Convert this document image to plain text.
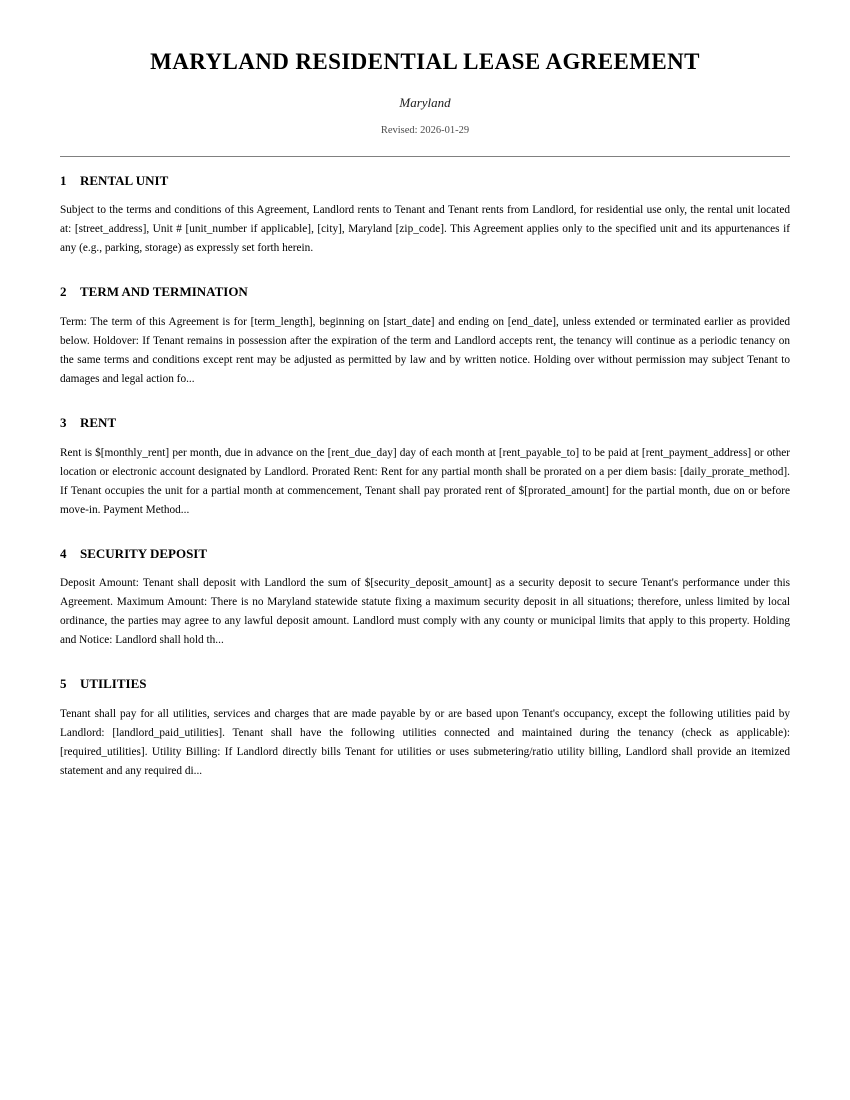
MARYLAND RESIDENTIAL LEASE AGREEMENT

Maryland

Revised: 2026-01-29

1	RENTAL UNIT

Subject to the terms and conditions of this Agreement, Landlord rents to Tenant and Tenant rents from Landlord, for residential use only, the rental unit located at: [street_address], Unit # [unit_number if applicable], [city], Maryland [zip_code]. This Agreement applies only to the specified unit and its appurtenances if any (e.g., parking, storage) as expressly set forth herein.

2	TERM AND TERMINATION

Term: The term of this Agreement is for [term_length], beginning on [start_date] and ending on [end_date], unless extended or terminated earlier as provided below. Holdover: If Tenant remains in possession after the expiration of the term and Landlord accepts rent, the tenancy will continue as a periodic tenancy on the same terms and conditions except rent may be adjusted as permitted by law and by written notice. Holding over without permission may subject Tenant to damages and legal action fo...

3	RENT

Rent is $[monthly_rent] per month, due in advance on the [rent_due_day] day of each month at [rent_payable_to] to be paid at [rent_payment_address] or other location or electronic account designated by Landlord. Prorated Rent: Rent for any partial month shall be prorated on a per diem basis: [daily_prorate_method]. If Tenant occupies the unit for a partial month at commencement, Tenant shall pay prorated rent of $[prorated_amount] for the partial month, due on or before move-in. Payment Method...

4	SECURITY DEPOSIT

Deposit Amount: Tenant shall deposit with Landlord the sum of $[security_deposit_amount] as a security deposit to secure Tenant's performance under this Agreement. Maximum Amount: There is no Maryland statewide statute fixing a maximum security deposit in all situations; therefore, unless limited by local ordinance, the parties may agree to any lawful deposit amount. Landlord must comply with any county or municipal limits that apply to this property. Holding and Notice: Landlord shall hold th...

5	UTILITIES

Tenant shall pay for all utilities, services and charges that are made payable by or are based upon Tenant's occupancy, except the following utilities paid by Landlord: [landlord_paid_utilities]. Tenant shall have the following utilities connected and maintained during the tenancy (check as applicable): [required_utilities]. Utility Billing: If Landlord directly bills Tenant for utilities or uses submetering/ratio utility billing, Landlord shall provide an itemized statement and any required di...
